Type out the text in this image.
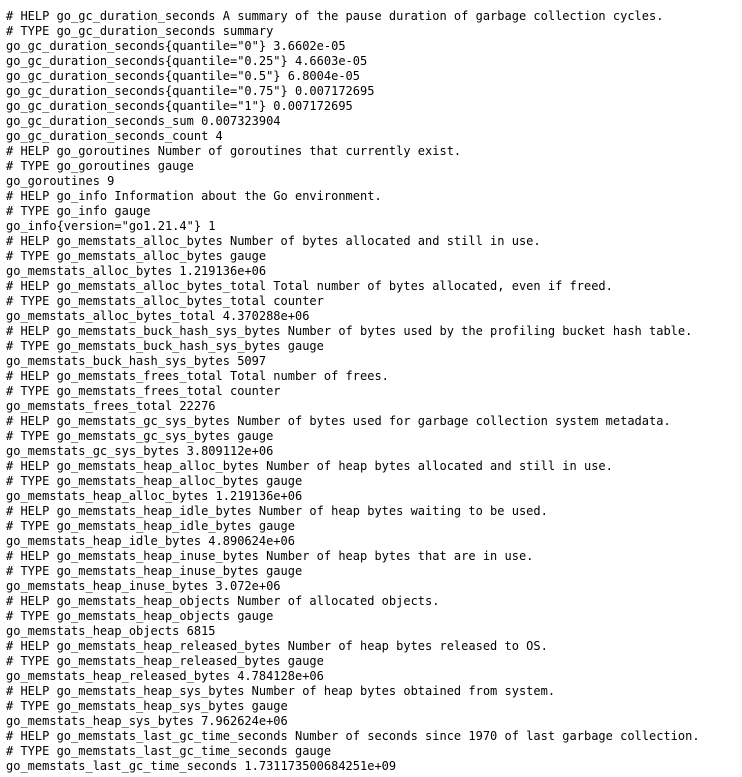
# HELP go_gc_duration_seconds A summary of the pause duration of garbage collection cycles.
# TYPE go_gc_duration_seconds summary
go_gc_duration_seconds{quantile="0"} 3.6602e-05
go_gc_duration_seconds{quantile="0.25"} 4.6603e-05
go_gc_duration_seconds{quantile="0.5"} 6.8004e-05
go_gc_duration_seconds{quantile="0.75"} 0.007172695
go_gc_duration_seconds{quantile="1"} 0.007172695
go_gc_duration_seconds_sum 0.007323904
go_gc_duration_seconds_count 4
# HELP go_goroutines Number of goroutines that currently exist.
# TYPE go_goroutines gauge
go_goroutines 9
# HELP go_info Information about the Go environment.
# TYPE go_info gauge
go_info{version="go1.21.4"} 1
# HELP go_memstats_alloc_bytes Number of bytes allocated and still in use.
# TYPE go_memstats_alloc_bytes gauge
go_memstats_alloc_bytes 1.219136e+06
# HELP go_memstats_alloc_bytes_total Total number of bytes allocated, even if freed.
# TYPE go_memstats_alloc_bytes_total counter
go_memstats_alloc_bytes_total 4.370288e+06
# HELP go_memstats_buck_hash_sys_bytes Number of bytes used by the profiling bucket hash table.
# TYPE go_memstats_buck_hash_sys_bytes gauge
go_memstats_buck_hash_sys_bytes 5097
# HELP go_memstats_frees_total Total number of frees.
# TYPE go_memstats_frees_total counter
go_memstats_frees_total 22276
# HELP go_memstats_gc_sys_bytes Number of bytes used for garbage collection system metadata.
# TYPE go_memstats_gc_sys_bytes gauge
go_memstats_gc_sys_bytes 3.809112e+06
# HELP go_memstats_heap_alloc_bytes Number of heap bytes allocated and still in use.
# TYPE go_memstats_heap_alloc_bytes gauge
go_memstats_heap_alloc_bytes 1.219136e+06
# HELP go_memstats_heap_idle_bytes Number of heap bytes waiting to be used.
# TYPE go_memstats_heap_idle_bytes gauge
go_memstats_heap_idle_bytes 4.890624e+06
# HELP go_memstats_heap_inuse_bytes Number of heap bytes that are in use.
# TYPE go_memstats_heap_inuse_bytes gauge
go_memstats_heap_inuse_bytes 3.072e+06
# HELP go_memstats_heap_objects Number of allocated objects.
# TYPE go_memstats_heap_objects gauge
go_memstats_heap_objects 6815
# HELP go_memstats_heap_released_bytes Number of heap bytes released to OS.
# TYPE go_memstats_heap_released_bytes gauge
go_memstats_heap_released_bytes 4.784128e+06
# HELP go_memstats_heap_sys_bytes Number of heap bytes obtained from system.
# TYPE go_memstats_heap_sys_bytes gauge
go_memstats_heap_sys_bytes 7.962624e+06
# HELP go_memstats_last_gc_time_seconds Number of seconds since 1970 of last garbage collection.
# TYPE go_memstats_last_gc_time_seconds gauge
go_memstats_last_gc_time_seconds 1.731173500684251e+09
